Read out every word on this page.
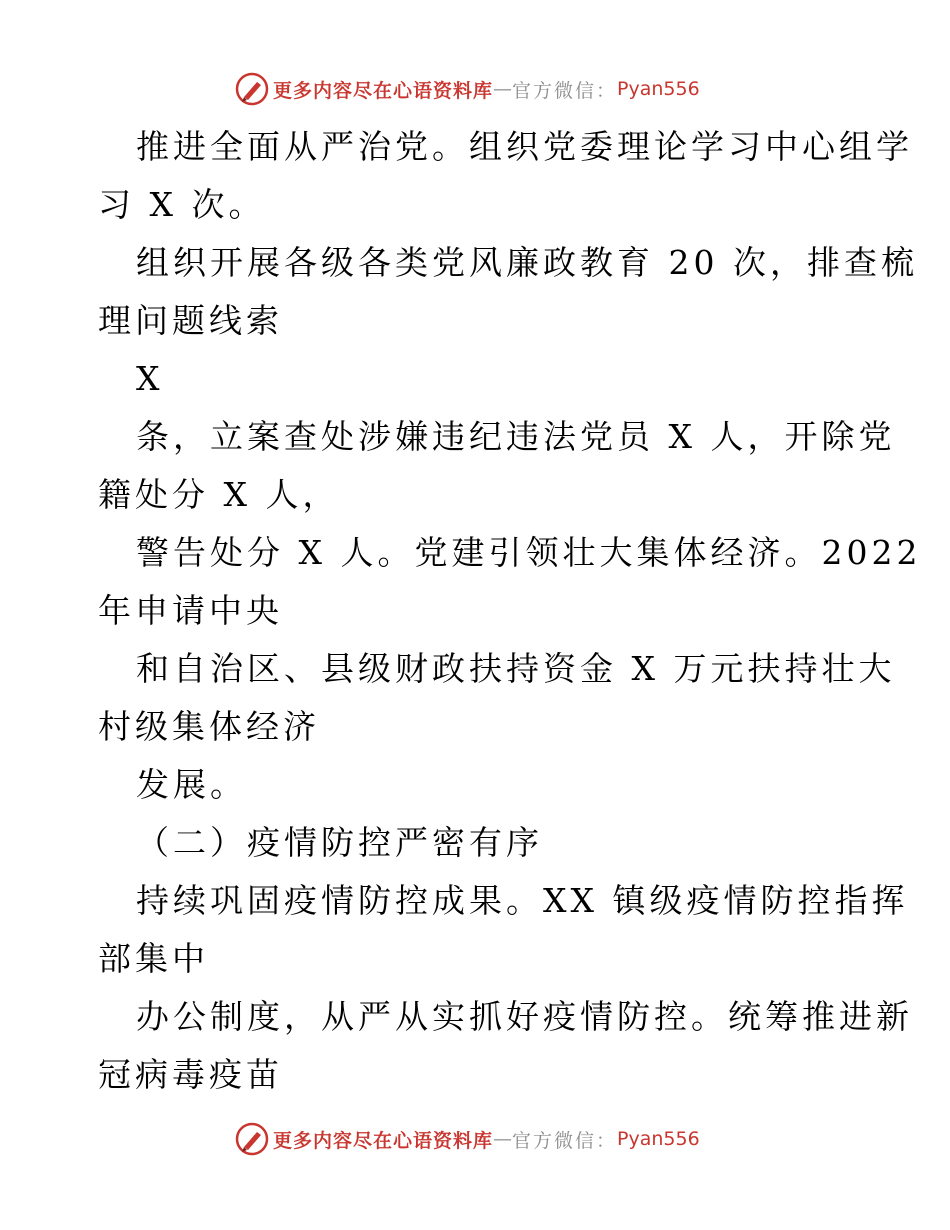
更多内容尽在心语资料库 — 官方微信： Pyan556
推进全面从严治党。组织党委理论学习中心组学
习 X 次。
组织开展各级各类党风廉政教育 20 次，排查梳
理问题线索
X
条，立案查处涉嫌违纪违法党员 X 人，开除党
籍处分 X 人，
警告处分 X 人。党建引领壮大集体经济。2022
年申请中央
和自治区、县级财政扶持资金 X 万元扶持壮大
村级集体经济
发展。
（二）疫情防控严密有序
持续巩固疫情防控成果。XX 镇级疫情防控指挥
部集中
办公制度，从严从实抓好疫情防控。统筹推进新
冠病毒疫苗
更多内容尽在心语资料库 — 官方微信： Pyan556
